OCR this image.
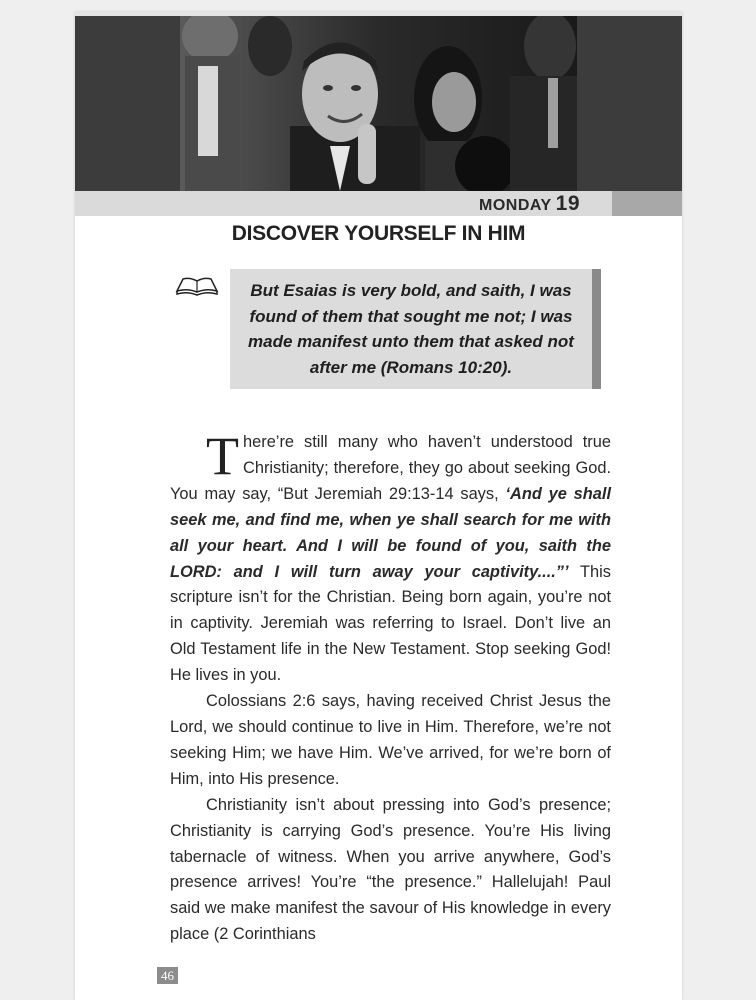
MONDAY 19
DISCOVER YOURSELF IN HIM

But Esaias is very bold, and saith, I was found of them that sought me not; I was made manifest unto them that asked not after me (Romans 10:20).

There’re still many who haven’t understood true Christianity; therefore, they go about seeking God. You may say, “But Jeremiah 29:13-14 says, ‘And ye shall seek me, and find me, when ye shall search for me with all your heart. And I will be found of you, saith the LORD: and I will turn away your captivity....”’ This scripture isn’t for the Christian. Being born again, you’re not in captivity. Jeremiah was referring to Israel. Don’t live an Old Testament life in the New Testament. Stop seeking God! He lives in you.

Colossians 2:6 says, having received Christ Jesus the Lord, we should continue to live in Him. Therefore, we’re not seeking Him; we have Him. We’ve arrived, for we’re born of Him, into His presence.

Christianity isn’t about pressing into God’s presence; Christianity is carrying God’s presence. You’re His living tabernacle of witness. When you arrive anywhere, God’s presence arrives! You’re “the presence.” Hallelujah! Paul said we make manifest the savour of His knowledge in every place (2 Corinthians

46
